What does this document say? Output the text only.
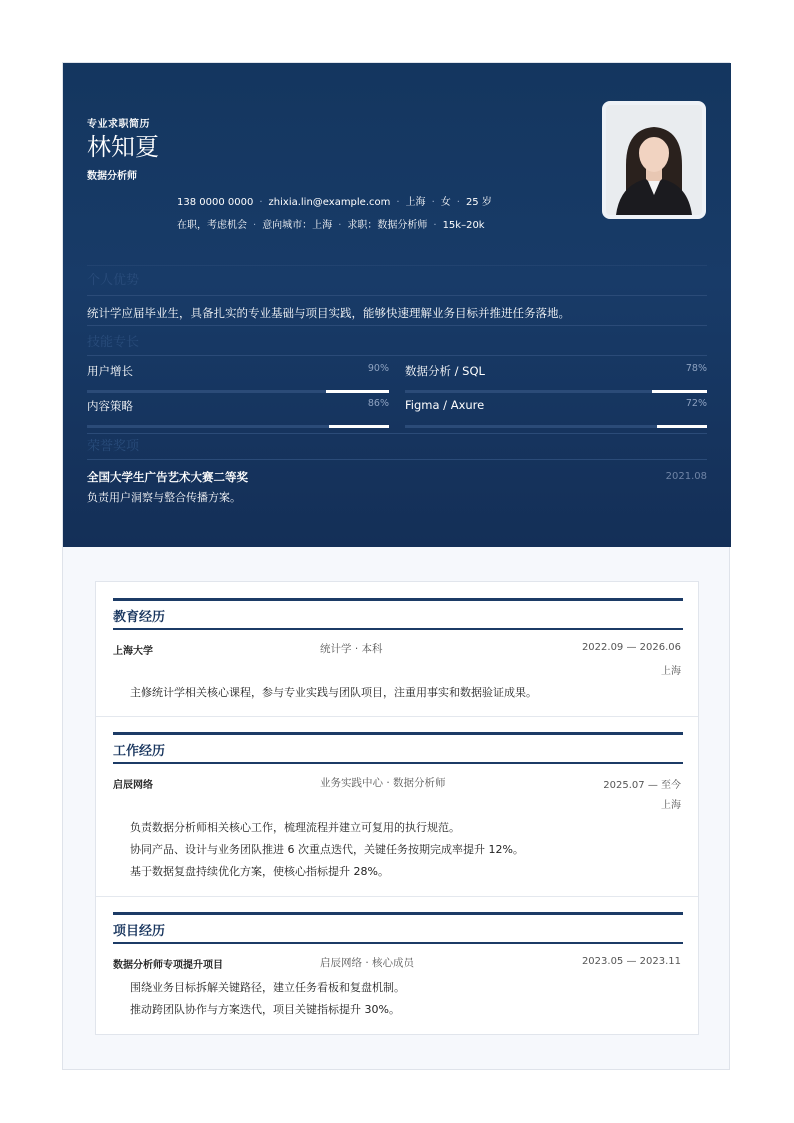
专业求职简历
林知夏
数据分析师
138 0000 0000 · zhixia.lin@example.com · 上海 · 女 · 25 岁
在职，考虑机会 · 意向城市：上海 · 求职：数据分析师 · 15k–20k
个人优势
统计学应届毕业生，具备扎实的专业基础与项目实践，能够快速理解业务目标并推进任务落地。
技能专长
用户增长	90% 数据分析 / SQL	78%
内容策略	86% Figma / Axure	72%
荣誉奖项
全国大学生广告艺术大赛二等奖	2021.08
负责用户洞察与整合传播方案。
教育经历
上海大学	统计学 · 本科	2022.09 — 2026.06
上海
主修统计学相关核心课程，参与专业实践与团队项目，注重用事实和数据验证成果。
工作经历
启辰网络	业务实践中心 · 数据分析师	2025.07 — 至今
上海
负责数据分析师相关核心工作，梳理流程并建立可复用的执行规范。
协同产品、设计与业务团队推进 6 次重点迭代，关键任务按期完成率提升 12%。
基于数据复盘持续优化方案，使核心指标提升 28%。
项目经历
数据分析师专项提升项目	启辰网络 · 核心成员	2023.05 — 2023.11
围绕业务目标拆解关键路径，建立任务看板和复盘机制。
推动跨团队协作与方案迭代，项目关键指标提升 30%。
